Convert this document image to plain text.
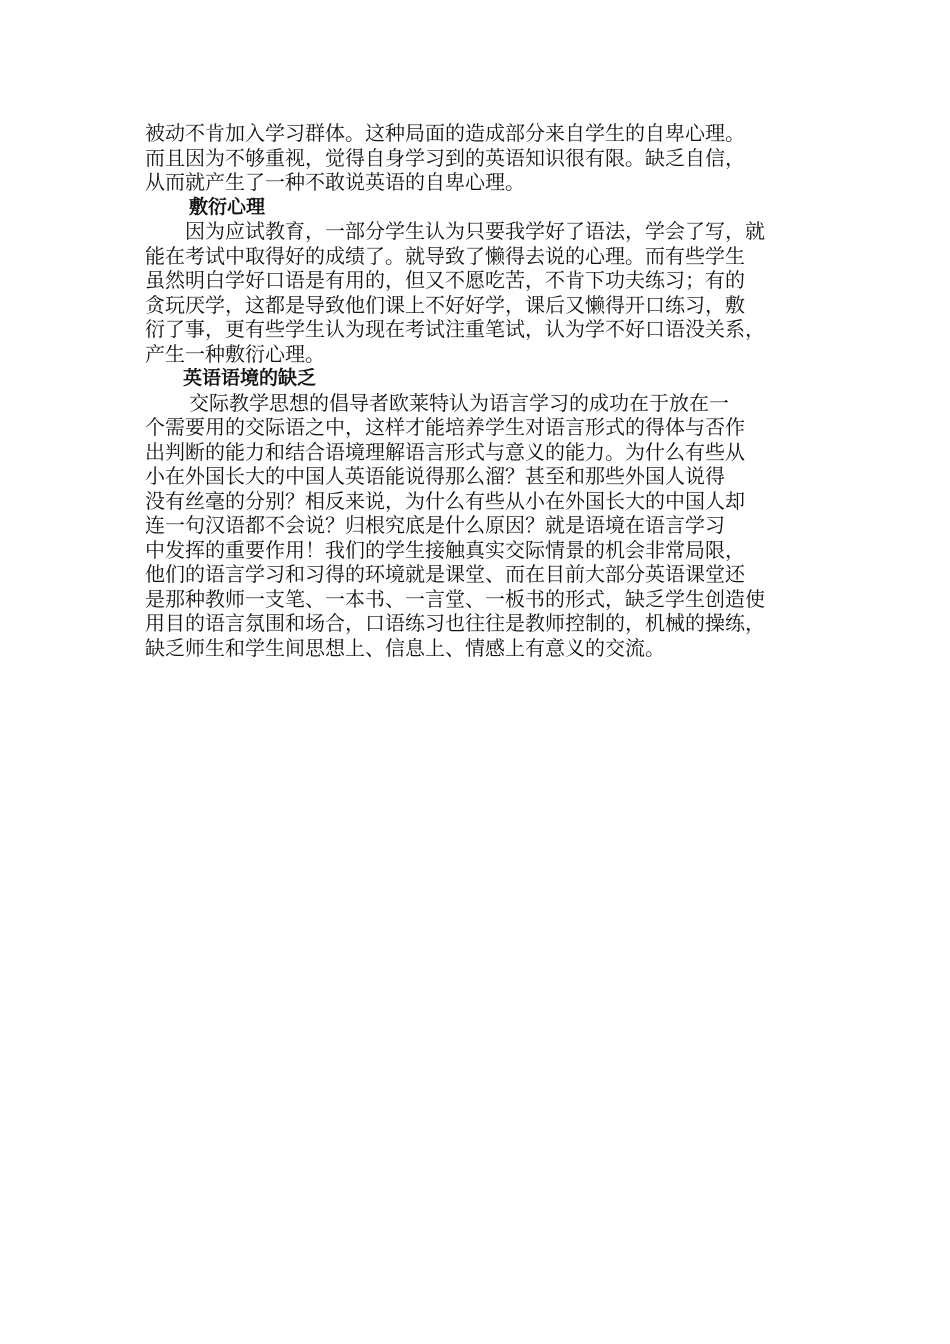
被动不肯加入学习群体。这种局面的造成部分来自学生的自卑心理。
而且因为不够重视，觉得自身学习到的英语知识很有限。缺乏自信，
从而就产生了一种不敢说英语的自卑心理。
敷衍心理
因为应试教育，一部分学生认为只要我学好了语法，学会了写，就
能在考试中取得好的成绩了。就导致了懒得去说的心理。而有些学生
虽然明白学好口语是有用的，但又不愿吃苦，不肯下功夫练习；有的
贪玩厌学，这都是导致他们课上不好好学，课后又懒得开口练习，敷
衍了事，更有些学生认为现在考试注重笔试，认为学不好口语没关系，
产生一种敷衍心理。
英语语境的缺乏
交际教学思想的倡导者欧莱特认为语言学习的成功在于放在一
个需要用的交际语之中，这样才能培养学生对语言形式的得体与否作
出判断的能力和结合语境理解语言形式与意义的能力。为什么有些从
小在外国长大的中国人英语能说得那么溜？甚至和那些外国人说得
没有丝毫的分别？相反来说，为什么有些从小在外国长大的中国人却
连一句汉语都不会说？归根究底是什么原因？就是语境在语言学习
中发挥的重要作用！我们的学生接触真实交际情景的机会非常局限，
他们的语言学习和习得的环境就是课堂、而在目前大部分英语课堂还
是那种教师一支笔、一本书、一言堂、一板书的形式，缺乏学生创造使
用目的语言氛围和场合，口语练习也往往是教师控制的，机械的操练，
缺乏师生和学生间思想上、信息上、情感上有意义的交流。
